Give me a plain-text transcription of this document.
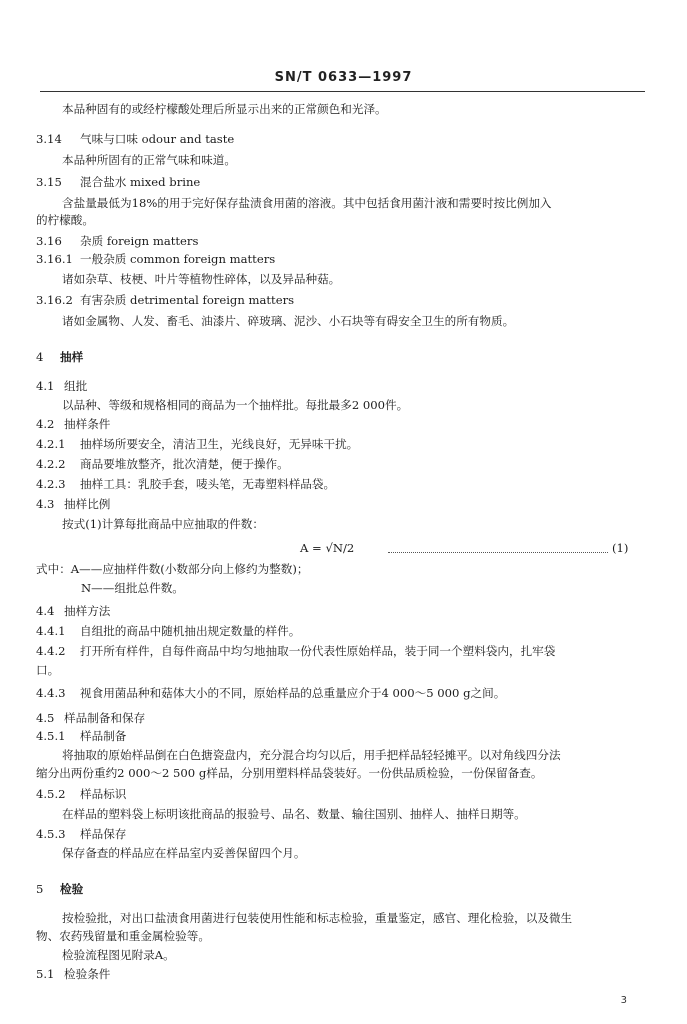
SN/T 0633—1997
本品种固有的或经柠檬酸处理后所显示出来的正常颜色和光泽。
3.14 气味与口味 odour and taste
本品种所固有的正常气味和味道。
3.15 混合盐水 mixed brine
含盐量最低为18%的用于完好保存盐渍食用菌的溶液。其中包括食用菌汁液和需要时按比例加入
的柠檬酸。
3.16 杂质 foreign matters
3.16.1 一般杂质 common foreign matters
诸如杂草、枝梗、叶片等植物性碎体，以及异品种菇。
3.16.2 有害杂质 detrimental foreign matters
诸如金属物、人发、畜毛、油漆片、碎玻璃、泥沙、小石块等有碍安全卫生的所有物质。
4 抽样
4.1 组批
以品种、等级和规格相同的商品为一个抽样批。每批最多2 000件。
4.2 抽样条件
4.2.1 抽样场所要安全，清洁卫生，光线良好，无异味干扰。
4.2.2 商品要堆放整齐，批次清楚，便于操作。
4.2.3 抽样工具：乳胶手套，唛头笔，无毒塑料样品袋。
4.3 抽样比例
按式(1)计算每批商品中应抽取的件数：
式中：A——应抽样件数(小数部分向上修约为整数)；
N——组批总件数。
4.4 抽样方法
4.4.1 自组批的商品中随机抽出规定数量的样件。
4.4.2 打开所有样件，自每件商品中均匀地抽取一份代表性原始样品，装于同一个塑料袋内，扎牢袋
口。
4.4.3 视食用菌品种和菇体大小的不同，原始样品的总重量应介于4 000～5 000 g之间。
4.5 样品制备和保存
4.5.1 样品制备
将抽取的原始样品倒在白色搪瓷盘内，充分混合均匀以后，用手把样品轻轻摊平。以对角线四分法
缩分出两份重约2 000～2 500 g样品，分别用塑料样品袋装好。一份供品质检验，一份保留备查。
4.5.2 样品标识
在样品的塑料袋上标明该批商品的报验号、品名、数量、输往国别、抽样人、抽样日期等。
4.5.3 样品保存
保存备查的样品应在样品室内妥善保留四个月。
5 检验
按检验批，对出口盐渍食用菌进行包装使用性能和标志检验，重量鉴定，感官、理化检验，以及微生
物、农药残留量和重金属检验等。
检验流程图见附录A。
5.1 检验条件
A = √N/2	(1)
3
